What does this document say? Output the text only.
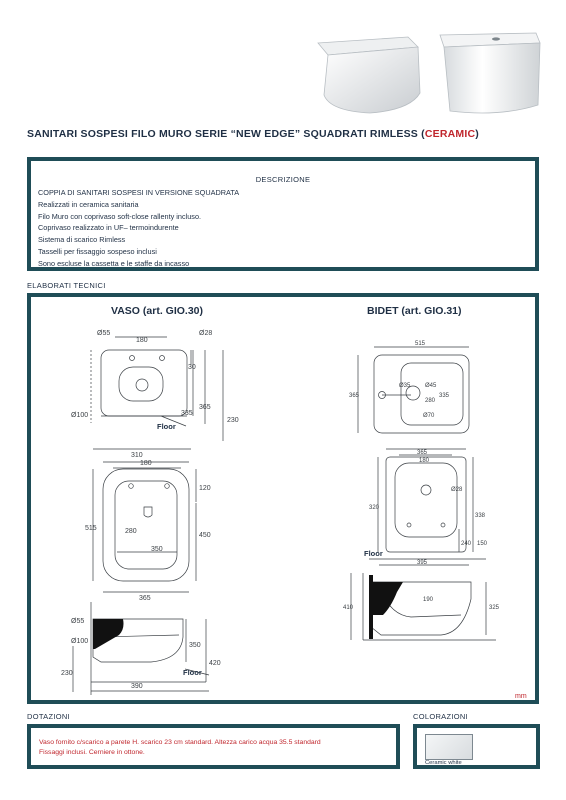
SANITARI SOSPESI FILO MURO SERIE “NEW EDGE” SQUADRATI RIMLESS (CERAMIC)
DESCRIZIONE
COPPIA DI SANITARI SOSPESI IN VERSIONE SQUADRATA
Realizzati in ceramica sanitaria
Filo Muro con coprivaso soft-close rallenty incluso.
Coprivaso realizzato in UF– termoindurente
Sistema di scarico Rimless
Tasselli per fissaggio sospeso inclusi
Sono escluse la cassetta e le staffe da incasso
ELABORATI TECNICI
VASO (art. GIO.30)	BIDET (art. GIO.31)
mm
Ø55	Ø28
180
30
Ø100	335
365
230
310
180
120
515	280
350
450
365
Ø55
Ø100
350
420
230
390
515
Ø35 Ø45
Ø70
280
335
365
365
180
Ø28
320
338
240 150
395
410
190
325
Floor
Floor
Floor
DOTAZIONI
Vaso fornito c/scarico a parete H. scarico 23 cm standard. Altezza carico acqua 35.5 standard
Fissaggi inclusi. Cerniere in ottone.
COLORAZIONI
Ceramic white
